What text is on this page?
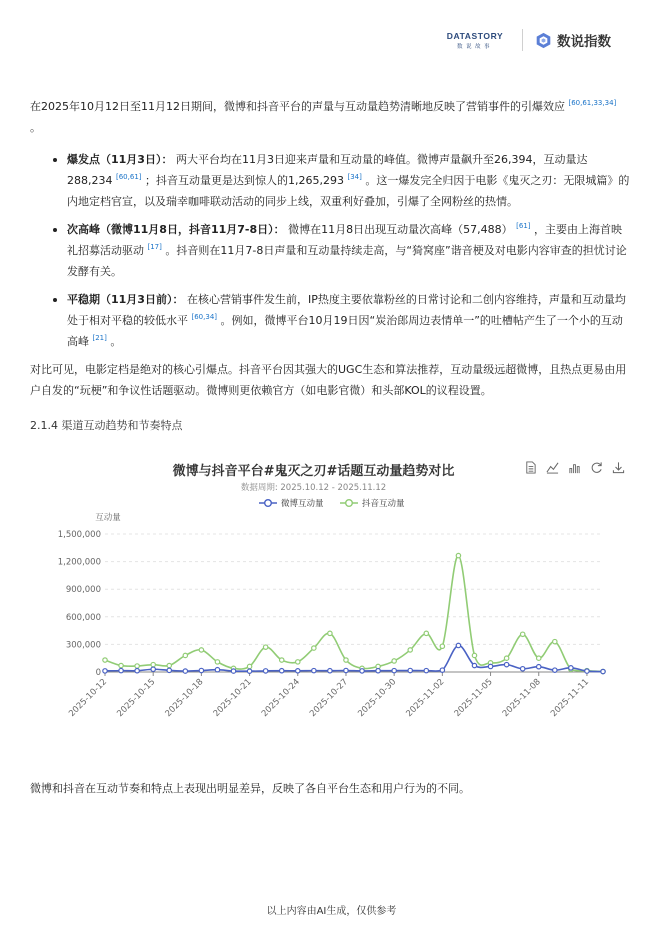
DATASTORY
数说故事	数说指数

在2025年10月12日至11月12日期间，微博和抖音平台的声量与互动量趋势清晰地反映了营销事件的引爆效应 [60,61,33,34] 。

• 爆发点（11月3日）： 两大平台均在11月3日迎来声量和互动量的峰值。微博声量飙升至26,394，互动量达288,234 [60,61] ；抖音互动量更是达到惊人的1,265,293 [34] 。这一爆发完全归因于电影《鬼灭之刃：无限城篇》的内地定档官宣，以及瑞幸咖啡联动活动的同步上线，双重利好叠加，引爆了全网粉丝的热情。
• 次高峰（微博11月8日，抖音11月7-8日）： 微博在11月8日出现互动量次高峰（57,488） [61] ，主要由上海首映礼招募活动驱动 [17] 。抖音则在11月7-8日声量和互动量持续走高，与“猗窝座”谐音梗及对电影内容审查的担忧讨论发酵有关。
• 平稳期（11月3日前）： 在核心营销事件发生前，IP热度主要依靠粉丝的日常讨论和二创内容维持，声量和互动量均处于相对平稳的较低水平 [60,34] 。例如，微博平台10月19日因“炭治郎周边表情单一”的吐槽帖产生了一个小的互动高峰 [21] 。

对比可见，电影定档是绝对的核心引爆点。抖音平台因其强大的UGC生态和算法推荐，互动量级远超微博，且热点更易由用户自发的“玩梗”和争议性话题驱动。微博则更依赖官方（如电影官微）和头部KOL的议程设置。

2.1.4 渠道互动趋势和节奏特点
微博与抖音平台#鬼灭之刃#话题互动量趋势对比
数据周期: 2025.10.12 - 2025.11.12
微博互动量	抖音互动量
互动量
0
300,000
600,000
900,000
1,200,000
1,500,000
2025-10-12 2025-10-15 2025-10-18 2025-10-21 2025-10-24 2025-10-27 2025-10-30 2025-11-02 2025-11-05 2025-11-08 2025-11-11

微博和抖音在互动节奏和特点上表现出明显差异，反映了各自平台生态和用户行为的不同。

以上内容由AI生成，仅供参考
